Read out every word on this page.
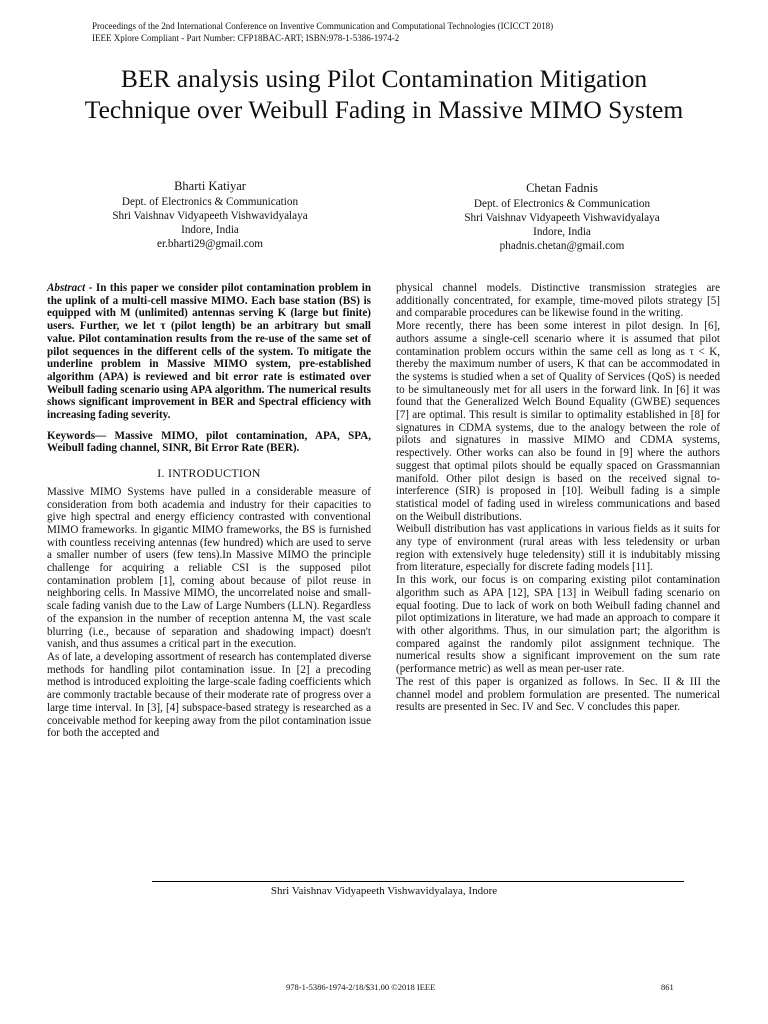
Proceedings of the 2nd International Conference on Inventive Communication and Computational Technologies (ICICCT 2018)
IEEE Xplore Compliant - Part Number: CFP18BAC-ART; ISBN:978-1-5386-1974-2
BER analysis using Pilot Contamination Mitigation
Technique over Weibull Fading in Massive MIMO System
Bharti Katiyar
Dept. of Electronics & Communication
Shri Vaishnav Vidyapeeth Vishwavidyalaya
Indore, India
er.bharti29@gmail.com
Chetan Fadnis
Dept. of Electronics & Communication
Shri Vaishnav Vidyapeeth Vishwavidyalaya
Indore, India
phadnis.chetan@gmail.com

Abstract - In this paper we consider pilot contamination problem in the uplink of a multi-cell massive MIMO. Each base station (BS) is equipped with M (unlimited) antennas serving K (large but finite) users. Further, we let τ (pilot length) be an arbitrary but small value. Pilot contamination results from the re-use of the same set of pilot sequences in the different cells of the system. To mitigate the underline problem in Massive MIMO system, pre-established algorithm (APA) is reviewed and bit error rate is estimated over Weibull fading scenario using APA algorithm. The numerical results shows significant improvement in BER and Spectral efficiency with increasing fading severity.

Keywords— Massive MIMO, pilot contamination, APA, SPA, Weibull fading channel, SINR, Bit Error Rate (BER).

I. INTRODUCTION

Massive MIMO Systems have pulled in a considerable measure of consideration from both academia and industry for their capacities to give high spectral and energy efficiency contrasted with conventional MIMO frameworks. In gigantic MIMO frameworks, the BS is furnished with countless receiving antennas (few hundred) which are used to serve a smaller number of users (few tens).In Massive MIMO the principle challenge for acquiring a reliable CSI is the supposed pilot contamination problem [1], coming about because of pilot reuse in neighboring cells. In Massive MIMO, the uncorrelated noise and small-scale fading vanish due to the Law of Large Numbers (LLN). Regardless of the expansion in the number of reception antenna M, the vast scale blurring (i.e., because of separation and shadowing impact) doesn't vanish, and thus assumes a critical part in the execution.

As of late, a developing assortment of research has contemplated diverse methods for handling pilot contamination issue. In [2] a precoding method is introduced exploiting the large-scale fading coefficients which are commonly tractable because of their moderate rate of progress over a large time interval. In [3], [4] subspace-based strategy is researched as a conceivable method for keeping away from the pilot contamination issue for both the accepted and

physical channel models. Distinctive transmission strategies are additionally concentrated, for example, time-moved pilots strategy [5] and comparable procedures can be likewise found in the writing.

More recently, there has been some interest in pilot design. In [6], authors assume a single-cell scenario where it is assumed that pilot contamination problem occurs within the same cell as long as τ < K, thereby the maximum number of users, K that can be accommodated in the systems is studied when a set of Quality of Services (QoS) is needed to be simultaneously met for all users in the forward link. In [6] it was found that the Generalized Welch Bound Equality (GWBE) sequences [7] are optimal. This result is similar to optimality established in [8] for signatures in CDMA systems, due to the analogy between the role of pilots and signatures in massive MIMO and CDMA systems, respectively. Other works can also be found in [9] where the authors suggest that optimal pilots should be equally spaced on Grassmannian manifold. Other pilot design is based on the received signal to-interference (SIR) is proposed in [10]. Weibull fading is a simple statistical model of fading used in wireless communications and based on the Weibull distributions.

Weibull distribution has vast applications in various fields as it suits for any type of environment (rural areas with less teledensity or urban region with extensively huge teledensity) still it is indubitably missing from literature, especially for discrete fading models [11].

In this work, our focus is on comparing existing pilot contamination algorithm such as APA [12], SPA [13] in Weibull fading scenario on equal footing. Due to lack of work on both Weibull fading channel and pilot optimizations in literature, we had made an approach to compare it with other algorithms. Thus, in our simulation part; the algorithm is compared against the randomly pilot assignment technique. The numerical results show a significant improvement on the sum rate (performance metric) as well as mean per-user rate.

The rest of this paper is organized as follows. In Sec. II & III the channel model and problem formulation are presented. The numerical results are presented in Sec. IV and Sec. V concludes this paper.

Shri Vaishnav Vidyapeeth Vishwavidyalaya, Indore
978-1-5386-1974-2/18/$31.00 ©2018 IEEE	861
